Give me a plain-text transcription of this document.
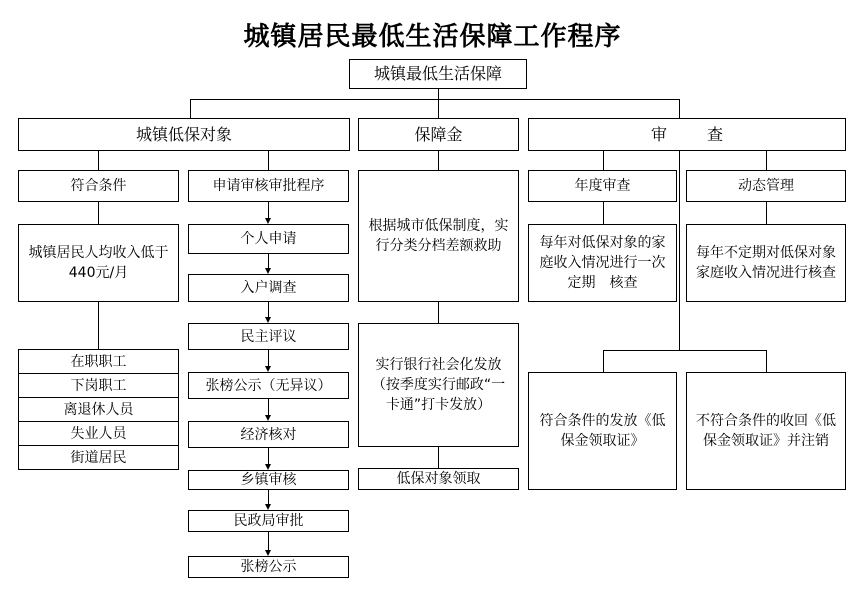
城镇居民最低生活保障工作程序
城镇最低生活保障
城镇低保对象	保障金	审	查
符合条件
城镇居民人均收入低于440元/月
在职职工
下岗职工
离退休人员
失业人员
街道居民
申请审核审批程序
个人申请
入户调查
民主评议
张榜公示（无异议）
经济核对
乡镇审核
民政局审批
张榜公示
根据城市低保制度，实行分类分档差额救助
实行银行社会化发放（按季度实行邮政“一卡通”打卡发放）
低保对象领取
年度审查	动态管理
每年对低保对象的家庭收入情况进行一次定期　核查
每年不定期对低保对象家庭收入情况进行核查
符合条件的发放《低保金领取证》
不符合条件的收回《低保金领取证》并注销
